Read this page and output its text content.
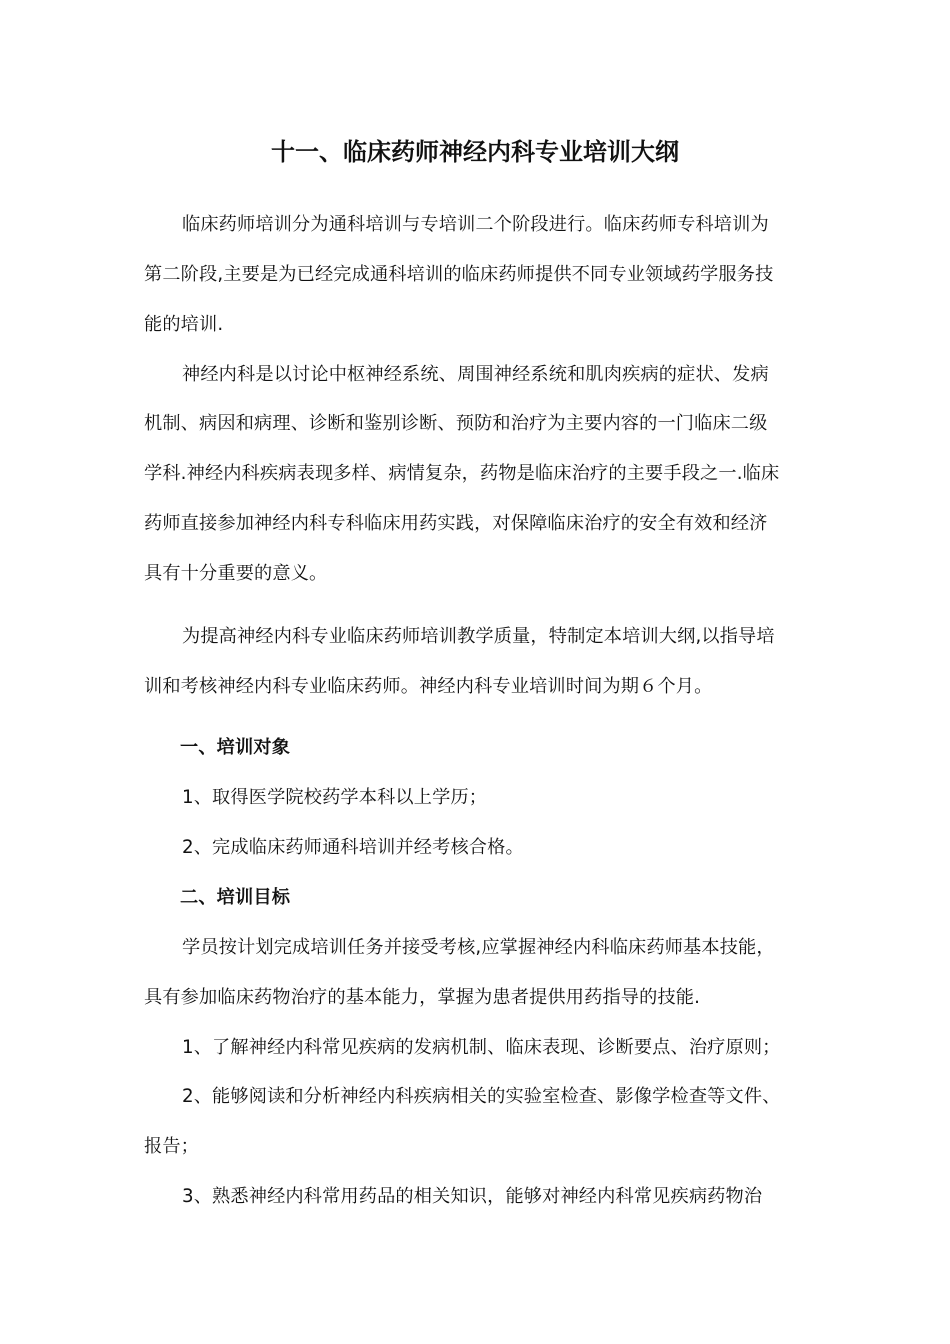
十一、临床药师神经内科专业培训大纲
临床药师培训分为通科培训与专培训二个阶段进行。临床药师专科培训为
第二阶段,主要是为已经完成通科培训的临床药师提供不同专业领域药学服务技
能的培训.
神经内科是以讨论中枢神经系统、周围神经系统和肌肉疾病的症状、发病
机制、病因和病理、诊断和鉴别诊断、预防和治疗为主要内容的一门临床二级
学科.神经内科疾病表现多样、病情复杂，药物是临床治疗的主要手段之一.临床
药师直接参加神经内科专科临床用药实践，对保障临床治疗的安全有效和经济
具有十分重要的意义。
为提高神经内科专业临床药师培训教学质量，特制定本培训大纲,以指导培
训和考核神经内科专业临床药师。神经内科专业培训时间为期６个月。
一、培训对象
1、取得医学院校药学本科以上学历；
2、完成临床药师通科培训并经考核合格。
二、培训目标
学员按计划完成培训任务并接受考核,应掌握神经内科临床药师基本技能，
具有参加临床药物治疗的基本能力，掌握为患者提供用药指导的技能.
1、了解神经内科常见疾病的发病机制、临床表现、诊断要点、治疗原则；
2、能够阅读和分析神经内科疾病相关的实验室检查、影像学检查等文件、
报告；
3、熟悉神经内科常用药品的相关知识，能够对神经内科常见疾病药物治
